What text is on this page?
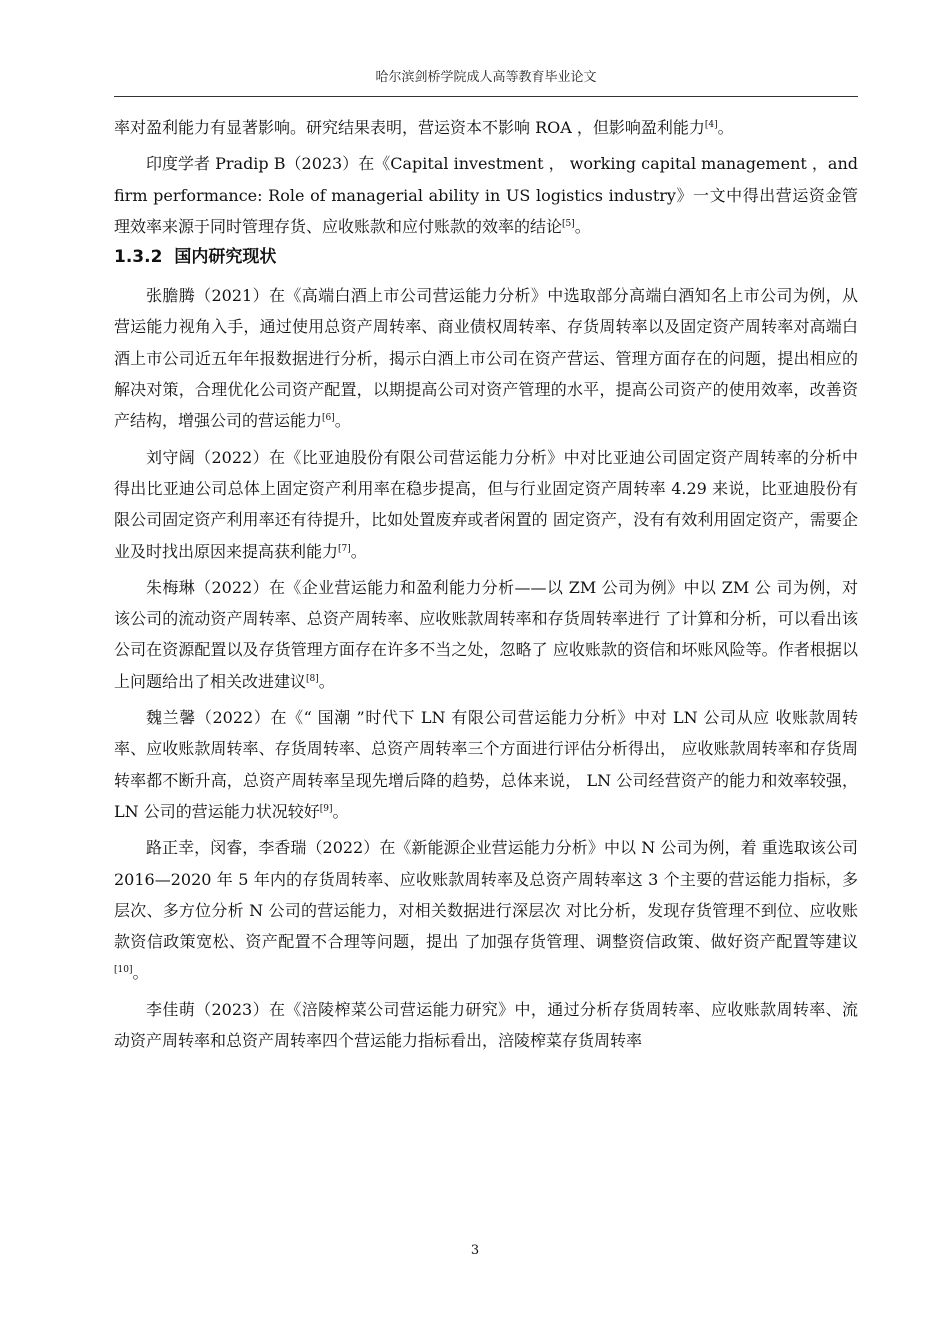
哈尔滨剑桥学院成人高等教育毕业论文

率对盈利能力有显著影响。研究结果表明，营运资本不影响 ROA ，但影响盈利能力[4]。

印度学者 Pradip B（2023）在《Capital investment ， working capital management ，and firm performance: Role of managerial ability in US logistics industry》一文中得出营运资金管 理效率来源于同时管理存货、应收账款和应付账款的效率的结论[5]。

1.3.2 国内研究现状

张膽腾（2021）在《高端白酒上市公司营运能力分析》中选取部分高端白酒知名上市公司为例，从营运能力视角入手，通过使用总资产周转率、商业债权周转率、存货周转率以及固定资产周转率对高端白酒上市公司近五年年报数据进行分析，揭示白酒上市公司在资产营运、管理方面存在的问题，提出相应的解决对策，合理优化公司资产配置，以期提高公司对资产管理的水平，提高公司资产的使用效率，改善资产结构，增强公司的营运能力[6]。

刘守阔（2022）在《比亚迪股份有限公司营运能力分析》中对比亚迪公司固定资产周转率的分析中得出比亚迪公司总体上固定资产利用率在稳步提高，但与行业固定资产周转率 4.29 来说，比亚迪股份有限公司固定资产利用率还有待提升，比如处置废弃或者闲置的 固定资产，没有有效利用固定资产，需要企业及时找出原因来提高获利能力[7]。

朱梅琳（2022）在《企业营运能力和盈利能力分析——以 ZM 公司为例》中以 ZM 公 司为例，对该公司的流动资产周转率、总资产周转率、应收账款周转率和存货周转率进行 了计算和分析，可以看出该公司在资源配置以及存货管理方面存在许多不当之处，忽略了 应收账款的资信和坏账风险等。作者根据以上问题给出了相关改进建议[8]。

魏兰馨（2022）在《“ 国潮 ”时代下 LN 有限公司营运能力分析》中对 LN 公司从应 收账款周转率、应收账款周转率、存货周转率、总资产周转率三个方面进行评估分析得出， 应收账款周转率和存货周转率都不断升高，总资产周转率呈现先增后降的趋势，总体来说， LN 公司经营资产的能力和效率较强，LN 公司的营运能力状况较好[9]。

路正幸，闵睿，李香瑞（2022）在《新能源企业营运能力分析》中以 N 公司为例，着 重选取该公司 2016—2020 年 5 年内的存货周转率、应收账款周转率及总资产周转率这 3 个主要的营运能力指标，多层次、多方位分析 N 公司的营运能力，对相关数据进行深层次 对比分析，发现存货管理不到位、应收账款资信政策宽松、资产配置不合理等问题，提出 了加强存货管理、调整资信政策、做好资产配置等建议[10]。

李佳萌（2023）在《涪陵榨菜公司营运能力研究》中，通过分析存货周转率、应收账款周转率、流动资产周转率和总资产周转率四个营运能力指标看出，涪陵榨菜存货周转率

3
